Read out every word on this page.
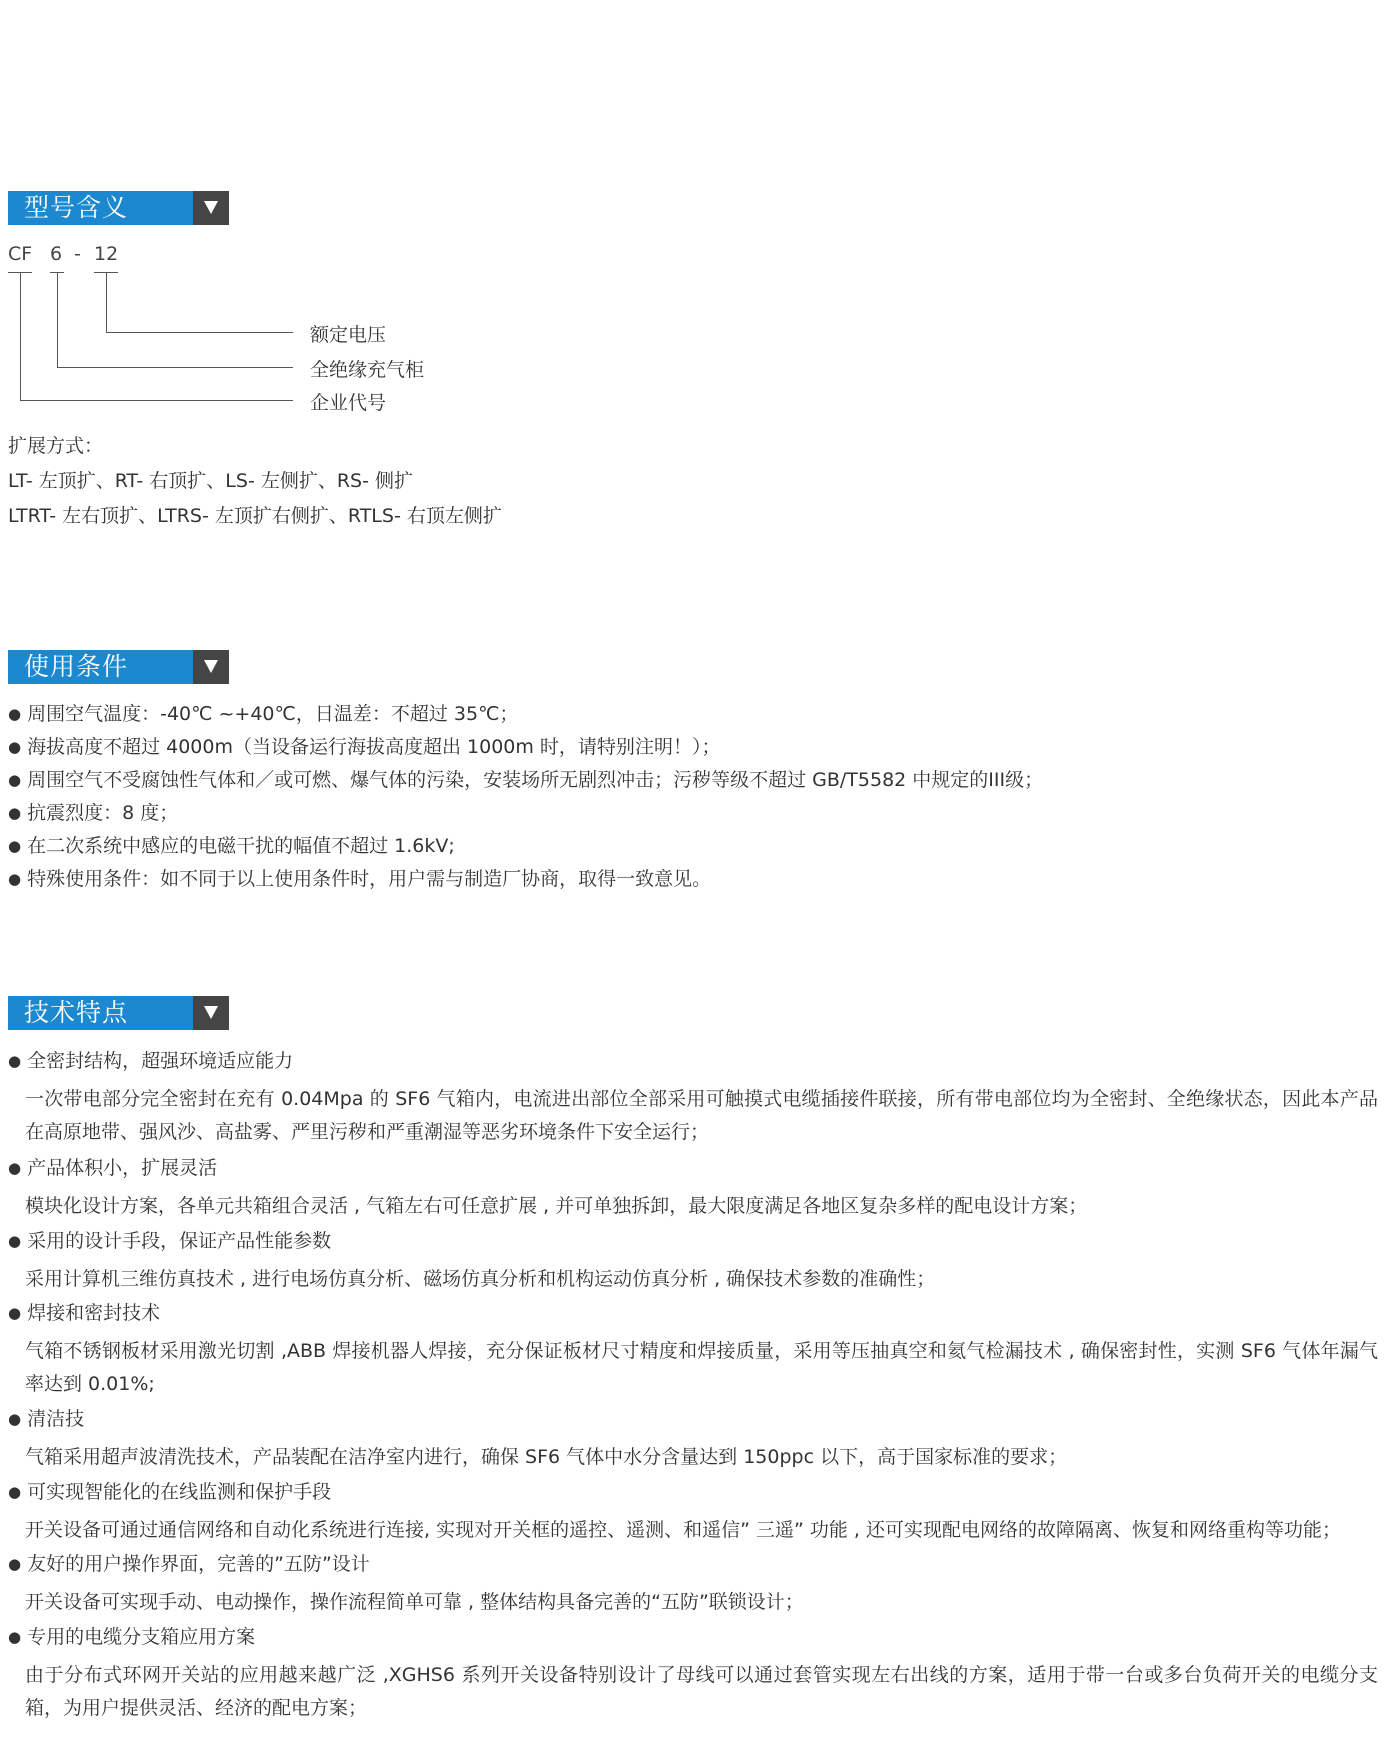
型号含义
CF 6 - 12
额定电压
全绝缘充气柜
企业代号
扩展方式：
LT- 左顶扩、RT- 右顶扩、LS- 左侧扩、RS- 侧扩
LTRT- 左右顶扩、LTRS- 左顶扩右侧扩、RTLS- 右顶左侧扩
使用条件
● 周围空气温度：-40℃ ~+40℃，日温差：不超过 35℃；
● 海拔高度不超过 4000m（当设备运行海拔高度超出 1000m 时，请特别注明！）；
● 周围空气不受腐蚀性气体和／或可燃、爆气体的污染，安装场所无剧烈冲击；污秽等级不超过 GB/T5582 中规定的III级；
● 抗震烈度：8 度；
● 在二次系统中感应的电磁干扰的幅值不超过 1.6kV;
● 特殊使用条件：如不同于以上使用条件时，用户需与制造厂协商，取得一致意见。
技术特点
● 全密封结构，超强环境适应能力
一次带电部分完全密封在充有 0.04Mpa 的 SF6 气箱内，电流进出部位全部采用可触摸式电缆插接件联接，所有带电部位均为全密封、全绝缘状态，因此本产品在高原地带、强风沙、高盐雾、严里污秽和严重潮湿等恶劣环境条件下安全运行；
● 产品体积小，扩展灵活
模块化设计方案，各单元共箱组合灵活 , 气箱左右可任意扩展 , 并可单独拆卸，最大限度满足各地区复杂多样的配电设计方案；
● 采用的设计手段，保证产品性能参数
采用计算机三维仿真技术 , 进行电场仿真分析、磁场仿真分析和机构运动仿真分析 , 确保技术参数的准确性；
● 焊接和密封技术
气箱不锈钢板材采用激光切割 ,ABB 焊接机器人焊接，充分保证板材尺寸精度和焊接质量，采用等压抽真空和氦气检漏技术 , 确保密封性，实测 SF6 气体年漏气率达到 0.01%;
● 清洁技
气箱采用超声波清洗技术，产品装配在洁净室内进行，确保 SF6 气体中水分含量达到 150ppc 以下，高于国家标准的要求；
● 可实现智能化的在线监测和保护手段
开关设备可通过通信网络和自动化系统进行连接, 实现对开关框的遥控、遥测、和遥信” 三遥” 功能 , 还可实现配电网络的故障隔离、恢复和网络重构等功能；
● 友好的用户操作界面，完善的”五防”设计
开关设备可实现手动、电动操作，操作流程简单可靠 , 整体结构具备完善的“五防”联锁设计；
● 专用的电缆分支箱应用方案
由于分布式环网开关站的应用越来越广泛 ,XGHS6 系列开关设备特别设计了母线可以通过套管实现左右出线的方案，适用于带一台或多台负荷开关的电缆分支箱，为用户提供灵活、经济的配电方案；
